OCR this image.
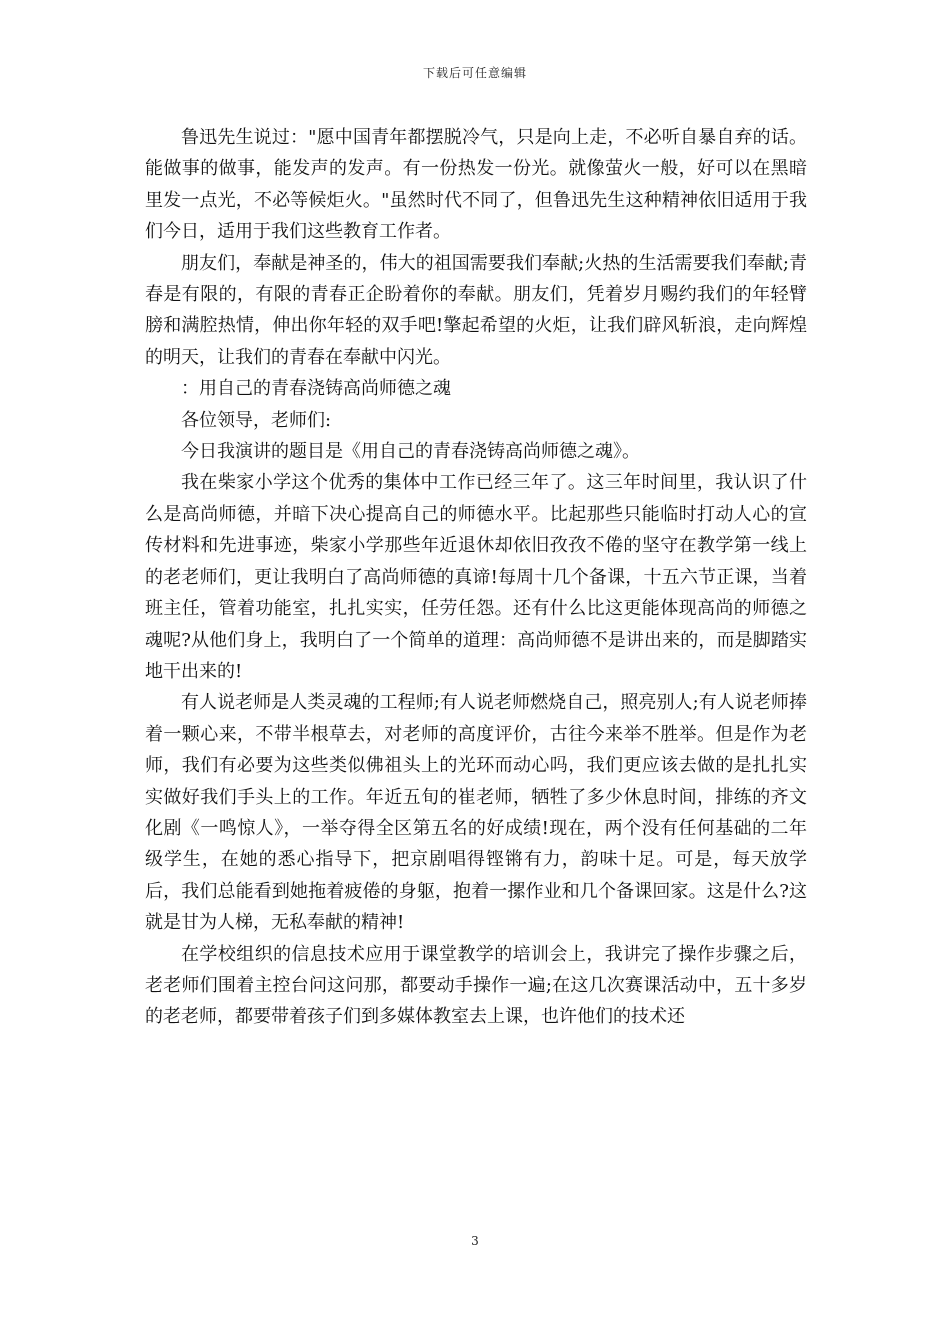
下载后可任意编辑

鲁迅先生说过："愿中国青年都摆脱冷气，只是向上走，不必听自暴自弃的话。能做事的做事，能发声的发声。有一份热发一份光。就像萤火一般，好可以在黑暗里发一点光，不必等候炬火。"虽然时代不同了，但鲁迅先生这种精神依旧适用于我们今日，适用于我们这些教育工作者。

朋友们，奉献是神圣的，伟大的祖国需要我们奉献;火热的生活需要我们奉献;青春是有限的，有限的青春正企盼着你的奉献。朋友们，凭着岁月赐约我们的年轻臂膀和满腔热情，伸出你年轻的双手吧!擎起希望的火炬，让我们辟风斩浪，走向辉煌的明天，让我们的青春在奉献中闪光。

：用自己的青春浇铸高尚师德之魂

各位领导，老师们:

今日我演讲的题目是《用自己的青春浇铸高尚师德之魂》。

我在柴家小学这个优秀的集体中工作已经三年了。这三年时间里，我认识了什么是高尚师德，并暗下决心提高自己的师德水平。比起那些只能临时打动人心的宣传材料和先进事迹，柴家小学那些年近退休却依旧孜孜不倦的坚守在教学第一线上的老老师们，更让我明白了高尚师德的真谛!每周十几个备课，十五六节正课，当着班主任，管着功能室，扎扎实实，任劳任怨。还有什么比这更能体现高尚的师德之魂呢?从他们身上，我明白了一个简单的道理：高尚师德不是讲出来的，而是脚踏实地干出来的!

有人说老师是人类灵魂的工程师;有人说老师燃烧自己，照亮别人;有人说老师捧着一颗心来，不带半根草去，对老师的高度评价，古往今来举不胜举。但是作为老师，我们有必要为这些类似佛祖头上的光环而动心吗，我们更应该去做的是扎扎实实做好我们手头上的工作。年近五旬的崔老师，牺牲了多少休息时间，排练的齐文化剧《一鸣惊人》，一举夺得全区第五名的好成绩!现在，两个没有任何基础的二年级学生，在她的悉心指导下，把京剧唱得铿锵有力，韵味十足。可是，每天放学后，我们总能看到她拖着疲倦的身躯，抱着一摞作业和几个备课回家。这是什么?这就是甘为人梯，无私奉献的精神!

在学校组织的信息技术应用于课堂教学的培训会上，我讲完了操作步骤之后，老老师们围着主控台问这问那，都要动手操作一遍;在这几次赛课活动中，五十多岁的老老师，都要带着孩子们到多媒体教室去上课，也许他们的技术还

3
